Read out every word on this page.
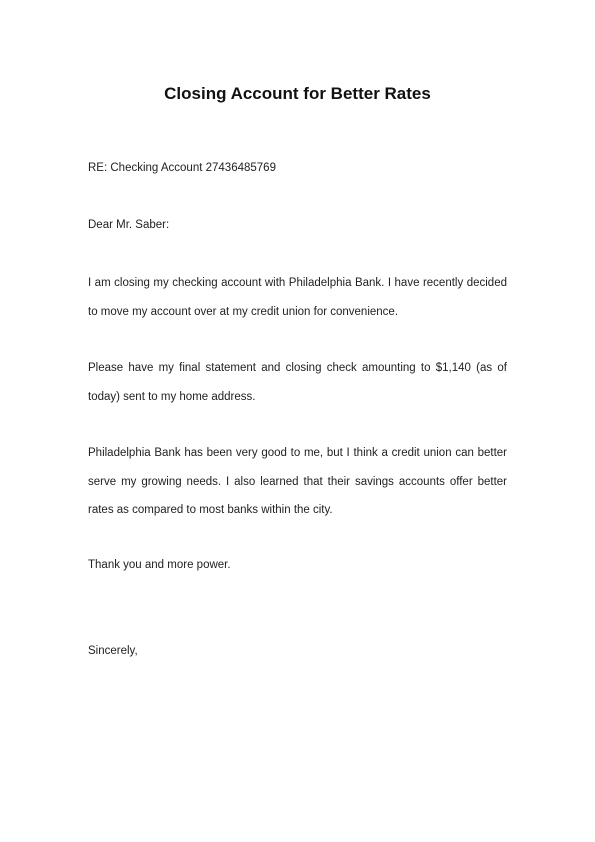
Closing Account for Better Rates
RE: Checking Account 27436485769
Dear Mr. Saber:
I am closing my checking account with Philadelphia Bank. I have recently decided to move my account over at my credit union for convenience.
Please have my final statement and closing check amounting to $1,140 (as of today) sent to my home address.
Philadelphia Bank has been very good to me, but I think a credit union can better serve my growing needs. I also learned that their savings accounts offer better rates as compared to most banks within the city.
Thank you and more power.
Sincerely,
